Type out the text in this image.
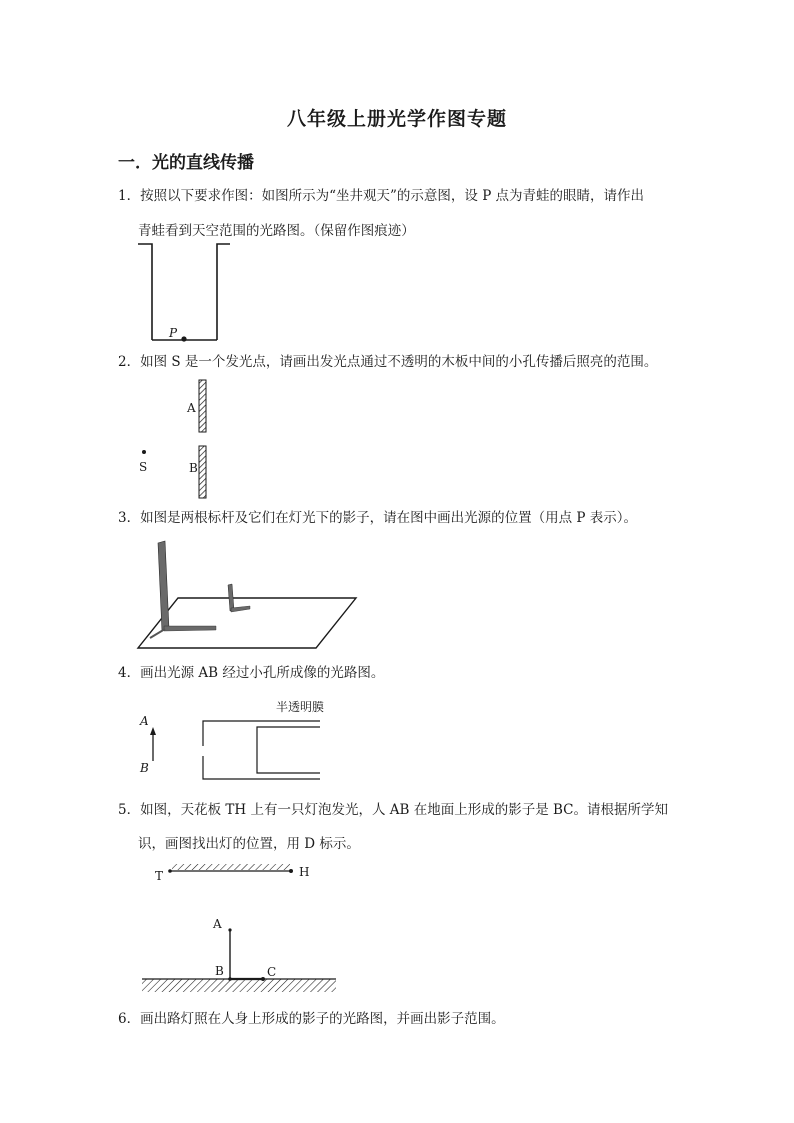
八年级上册光学作图专题
一．光的直线传播
1．按照以下要求作图：如图所示为“坐井观天”的示意图，设 P 点为青蛙的眼睛，请作出
青蛙看到天空范围的光路图。（保留作图痕迹）
P
2．如图 S 是一个发光点，请画出发光点通过不透明的木板中间的小孔传播后照亮的范围。
A
B
S
3．如图是两根标杆及它们在灯光下的影子，请在图中画出光源的位置（用点 P 表示）。
4．画出光源 AB 经过小孔所成像的光路图。
半透明膜
A
B
5．如图，天花板 TH 上有一只灯泡发光，人 AB 在地面上形成的影子是 BC。请根据所学知
识，画图找出灯的位置，用 D 标示。
T	H
A
B	C
6．画出路灯照在人身上形成的影子的光路图，并画出影子范围。
